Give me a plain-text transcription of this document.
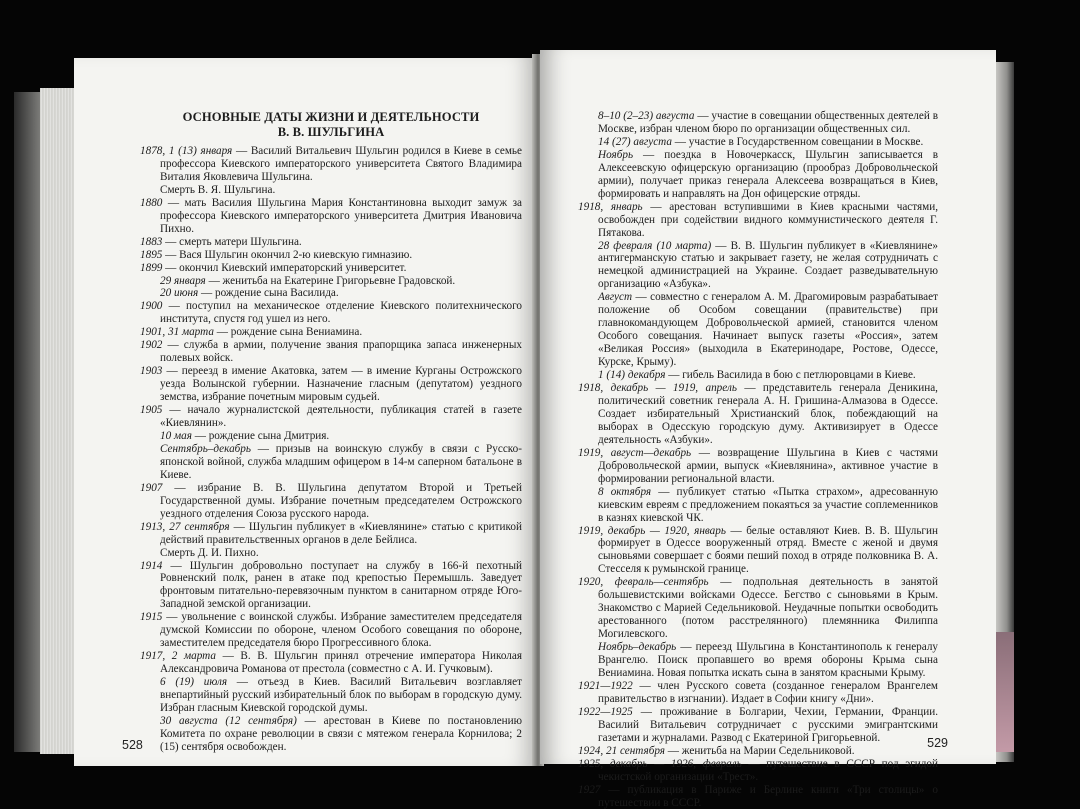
ОСНОВНЫЕ ДАТЫ ЖИЗНИ И ДЕЯТЕЛЬНОСТИ
В. В. ШУЛЬГИНА
1878, 1 (13) января — Василий Витальевич Шульгин родился в Киеве в семье профессора Киевского императорского университета Святого Владимира Виталия Яковлевича Шульгина.
Смерть В. Я. Шульгина.
1880 — мать Василия Шульгина Мария Константиновна выходит замуж за профессора Киевского императорского университета Дмитрия Ивановича Пихно.
1883 — смерть матери Шульгина.
1895 — Вася Шульгин окончил 2-ю киевскую гимназию.
1899 — окончил Киевский императорский университет.
29 января — женитьба на Екатерине Григорьевне Градовской.
20 июня — рождение сына Василида.
1900 — поступил на механическое отделение Киевского политехнического института, спустя год ушел из него.
1901, 31 марта — рождение сына Вениамина.
1902 — служба в армии, получение звания прапорщика запаса инженерных полевых войск.
1903 — переезд в имение Акатовка, затем — в имение Курганы Острожского уезда Волынской губернии. Назначение гласным (депутатом) уездного земства, избрание почетным мировым судьей.
1905 — начало журналистской деятельности, публикация статей в газете «Киевлянин».
10 мая — рождение сына Дмитрия.
Сентябрь–декабрь — призыв на воинскую службу в связи с Русско-японской войной, служба младшим офицером в 14-м саперном батальоне в Киеве.
1907 — избрание В. В. Шульгина депутатом Второй и Третьей Государственной думы. Избрание почетным председателем Острожского уездного отделения Союза русского народа.
1913, 27 сентября — Шульгин публикует в «Киевлянине» статью с критикой действий правительственных органов в деле Бейлиса.
Смерть Д. И. Пихно.
1914 — Шульгин добровольно поступает на службу в 166-й пехотный Ровненский полк, ранен в атаке под крепостью Перемышль. Заведует фронтовым питательно-перевязочным пунктом в санитарном отряде Юго-Западной земской организации.
1915 — увольнение с воинской службы. Избрание заместителем председателя думской Комиссии по обороне, членом Особого совещания по обороне, заместителем председателя бюро Прогрессивного блока.
1917, 2 марта — В. В. Шульгин принял отречение императора Николая Александровича Романова от престола (совместно с А. И. Гучковым).
6 (19) июля — отъезд в Киев. Василий Витальевич возглавляет внепартийный русский избирательный блок по выборам в городскую думу. Избран гласным Киевской городской думы.
30 августа (12 сентября) — арестован в Киеве по постановлению Комитета по охране революции в связи с мятежом генерала Корнилова; 2 (15) сентября освобожден.
528
8–10 (2–23) августа — участие в совещании общественных деятелей в Москве, избран членом бюро по организации общественных сил.
14 (27) августа — участие в Государственном совещании в Москве.
Ноябрь — поездка в Новочеркасск, Шульгин записывается в Алексеевскую офицерскую организацию (прообраз Добровольческой армии), получает приказ генерала Алексеева возвращаться в Киев, формировать и направлять на Дон офицерские отряды.
1918, январь — арестован вступившими в Киев красными частями, освобожден при содействии видного коммунистического деятеля Г. Пятакова.
28 февраля (10 марта) — В. В. Шульгин публикует в «Киевлянине» антигерманскую статью и закрывает газету, не желая сотрудничать с немецкой администрацией на Украине. Создает разведывательную организацию «Азбука».
Август — совместно с генералом А. М. Драгомировым разрабатывает положение об Особом совещании (правительстве) при главнокомандующем Добровольческой армией, становится членом Особого совещания. Начинает выпуск газеты «Россия», затем «Великая Россия» (выходила в Екатеринодаре, Ростове, Одессе, Курске, Крыму).
1 (14) декабря — гибель Василида в бою с петлюровцами в Киеве.
1918, декабрь — 1919, апрель — представитель генерала Деникина, политический советник генерала А. Н. Гришина-Алмазова в Одессе. Создает избирательный Христианский блок, побеждающий на выборах в Одесскую городскую думу. Активизирует в Одессе деятельность «Азбуки».
1919, август—декабрь — возвращение Шульгина в Киев с частями Добровольческой армии, выпуск «Киевлянина», активное участие в формировании региональной власти.
8 октября — публикует статью «Пытка страхом», адресованную киевским евреям с предложением покаяться за участие соплеменников в казнях киевской ЧК.
1919, декабрь — 1920, январь — белые оставляют Киев. В. В. Шульгин формирует в Одессе вооруженный отряд. Вместе с женой и двумя сыновьями совершает с боями пеший поход в отряде полковника В. А. Стесселя к румынской границе.
1920, февраль—сентябрь — подпольная деятельность в занятой большевистскими войсками Одессе. Бегство с сыновьями в Крым. Знакомство с Марией Седельниковой. Неудачные попытки освободить арестованного (потом расстрелянного) племянника Филиппа Могилевского.
Ноябрь–декабрь — переезд Шульгина в Константинополь к генералу Врангелю. Поиск пропавшего во время обороны Крыма сына Вениамина. Новая попытка искать сына в занятом красными Крыму.
1921—1922 — член Русского совета (созданное генералом Врангелем правительство в изгнании). Издает в Софии книгу «Дни».
1922—1925 — проживание в Болгарии, Чехии, Германии, Франции. Василий Витальевич сотрудничает с русскими эмигрантскими газетами и журналами. Развод с Екатериной Григорьевной.
1924, 21 сентября — женитьба на Марии Седельниковой.
1925, декабрь — 1926, февраль — путешествие в СССР под эгидой чекистской организации «Трест».
1927 — публикация в Париже и Берлине книги «Три столицы» о путешествии в СССР.
529
